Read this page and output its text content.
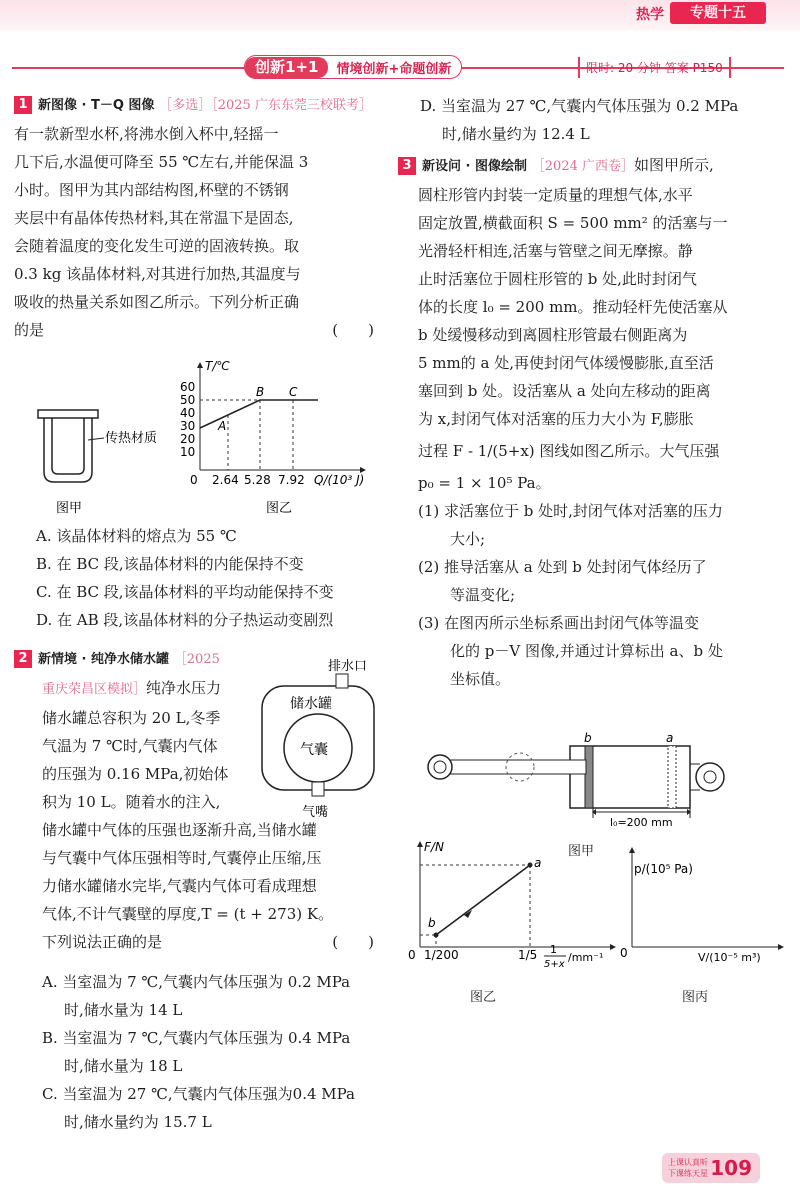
热学	专题十五
创新1+1	情境创新+命题创新	限时: 20 分钟 答案 P150
1 新图像 · T－Q 图像 ［多选］［2025 广东东莞三校联考］
有一款新型水杯,将沸水倒入杯中,轻摇一
几下后,水温便可降至 55 ℃左右,并能保温 3
小时。图甲为其内部结构图,杯壁的不锈钢
夹层中有晶体传热材料,其在常温下是固态,
会随着温度的变化发生可逆的固液转换。取
0.3 kg 该晶体材料,对其进行加热,其温度与
吸收的热量关系如图乙所示。下列分析正确
的是	(　　)
传热材质
图甲
T/℃
60
50
40
30
20
10
0 2.64 5.28 7.92 Q/(10³ J)
A
B C
图乙
A. 该晶体材料的熔点为 55 ℃
B. 在 BC 段,该晶体材料的内能保持不变
C. 在 BC 段,该晶体材料的平均动能保持不变
D. 在 AB 段,该晶体材料的分子热运动变剧烈
2 新情境 · 纯净水储水罐 ［2025
重庆荣昌区模拟］纯净水压力
储水罐总容积为 20 L,冬季
气温为 7 ℃时,气囊内气体
的压强为 0.16 MPa,初始体
积为 10 L。随着水的注入,
储水罐中气体的压强也逐渐升高,当储水罐
与气囊中气体压强相等时,气囊停止压缩,压
力储水罐储水完毕,气囊内气体可看成理想
气体,不计气囊壁的厚度,T = (t + 273) K。
下列说法正确的是	(　　)
排水口
储水罐
气囊
气嘴
C. 当室温为 27 ℃,气囊内气体压强为0.4 MPa
时,储水量约为 15.7 L
A. 当室温为 7 ℃,气囊内气体压强为 0.2 MPa
时,储水量为 14 L
B. 当室温为 7 ℃,气囊内气体压强为 0.4 MPa
时,储水量为 18 L
D. 当室温为 27 ℃,气囊内气体压强为 0.2 MPa
时,储水量约为 12.4 L
3 新设问 · 图像绘制 ［2024 广西卷］如图甲所示,
圆柱形管内封装一定质量的理想气体,水平
固定放置,横截面积 S = 500 mm² 的活塞与一
光滑轻杆相连,活塞与管壁之间无摩擦。静
止时活塞位于圆柱形管的 b 处,此时封闭气
体的长度 l₀ = 200 mm。推动轻杆先使活塞从
b 处缓慢移动到离圆柱形管最右侧距离为
5 mm的 a 处,再使封闭气体缓慢膨胀,直至活
塞回到 b 处。设活塞从 a 处向左移动的距离
为 x,封闭气体对活塞的压力大小为 F,膨胀
过程 F - 1/(5+x) 图线如图乙所示。大气压强
p₀ = 1 × 10⁵ Pa。
(1) 求活塞位于 b 处时,封闭气体对活塞的压力
大小;
(2) 推导活塞从 a 处到 b 处封闭气体经历了
等温变化;
(3) 在图丙所示坐标系画出封闭气体等温变
化的 p－V 图像,并通过计算标出 a、b 处
坐标值。
b	a
l₀=200 mm
图甲
F/N
0 1/200	1/5 1
5+x
/mm⁻¹
a
b
图乙
p/(10⁵ Pa)
0	V/(10⁻⁵ m³)
图丙
上课认真听
下课练天星 109
